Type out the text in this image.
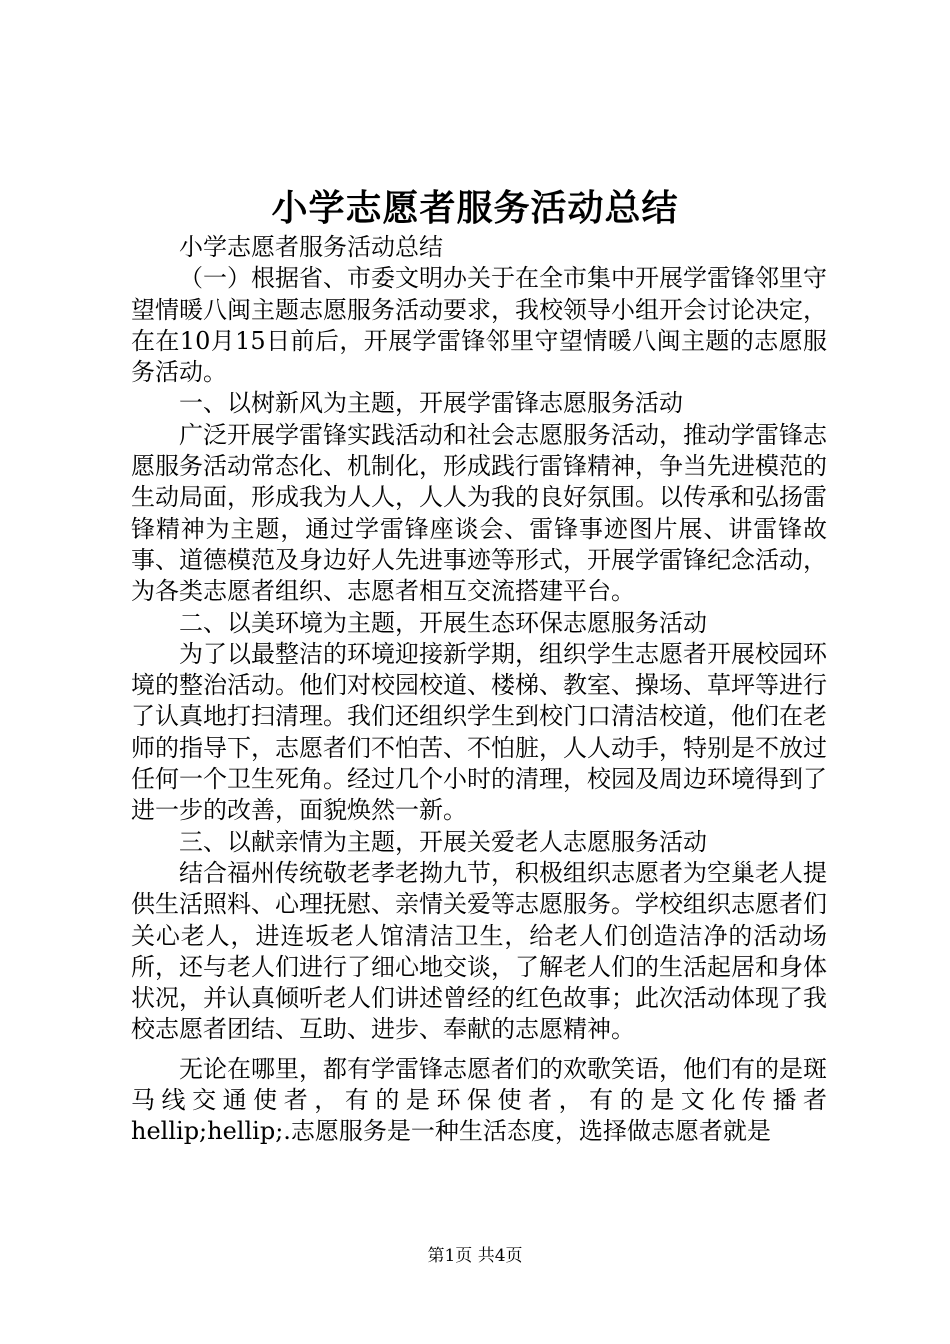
小学志愿者服务活动总结

小学志愿者服务活动总结

（一）根据省、市委文明办关于在全市集中开展学雷锋邻里守望情暖八闽主题志愿服务活动要求，我校领导小组开会讨论决定，在在10月15日前后，开展学雷锋邻里守望情暖八闽主题的志愿服务活动。

一、以树新风为主题，开展学雷锋志愿服务活动

广泛开展学雷锋实践活动和社会志愿服务活动，推动学雷锋志愿服务活动常态化、机制化，形成践行雷锋精神，争当先进模范的生动局面，形成我为人人，人人为我的良好氛围。以传承和弘扬雷锋精神为主题，通过学雷锋座谈会、雷锋事迹图片展、讲雷锋故事、道德模范及身边好人先进事迹等形式，开展学雷锋纪念活动，为各类志愿者组织、志愿者相互交流搭建平台。

二、以美环境为主题，开展生态环保志愿服务活动

为了以最整洁的环境迎接新学期，组织学生志愿者开展校园环境的整治活动。他们对校园校道、楼梯、教室、操场、草坪等进行了认真地打扫清理。我们还组织学生到校门口清洁校道，他们在老师的指导下，志愿者们不怕苦、不怕脏，人人动手，特别是不放过任何一个卫生死角。经过几个小时的清理，校园及周边环境得到了进一步的改善，面貌焕然一新。

三、以献亲情为主题，开展关爱老人志愿服务活动

结合福州传统敬老孝老拗九节，积极组织志愿者为空巢老人提供生活照料、心理抚慰、亲情关爱等志愿服务。学校组织志愿者们关心老人，进连坂老人馆清洁卫生，给老人们创造洁净的活动场所，还与老人们进行了细心地交谈，了解老人们的生活起居和身体状况，并认真倾听老人们讲述曾经的红色故事；此次活动体现了我校志愿者团结、互助、进步、奉献的志愿精神。

无论在哪里，都有学雷锋志愿者们的欢歌笑语，他们有的是斑马线交通使者，有的是环保使者，有的是文化传播者hellip;hellip;.志愿服务是一种生活态度，选择做志愿者就是

第1页 共4页
